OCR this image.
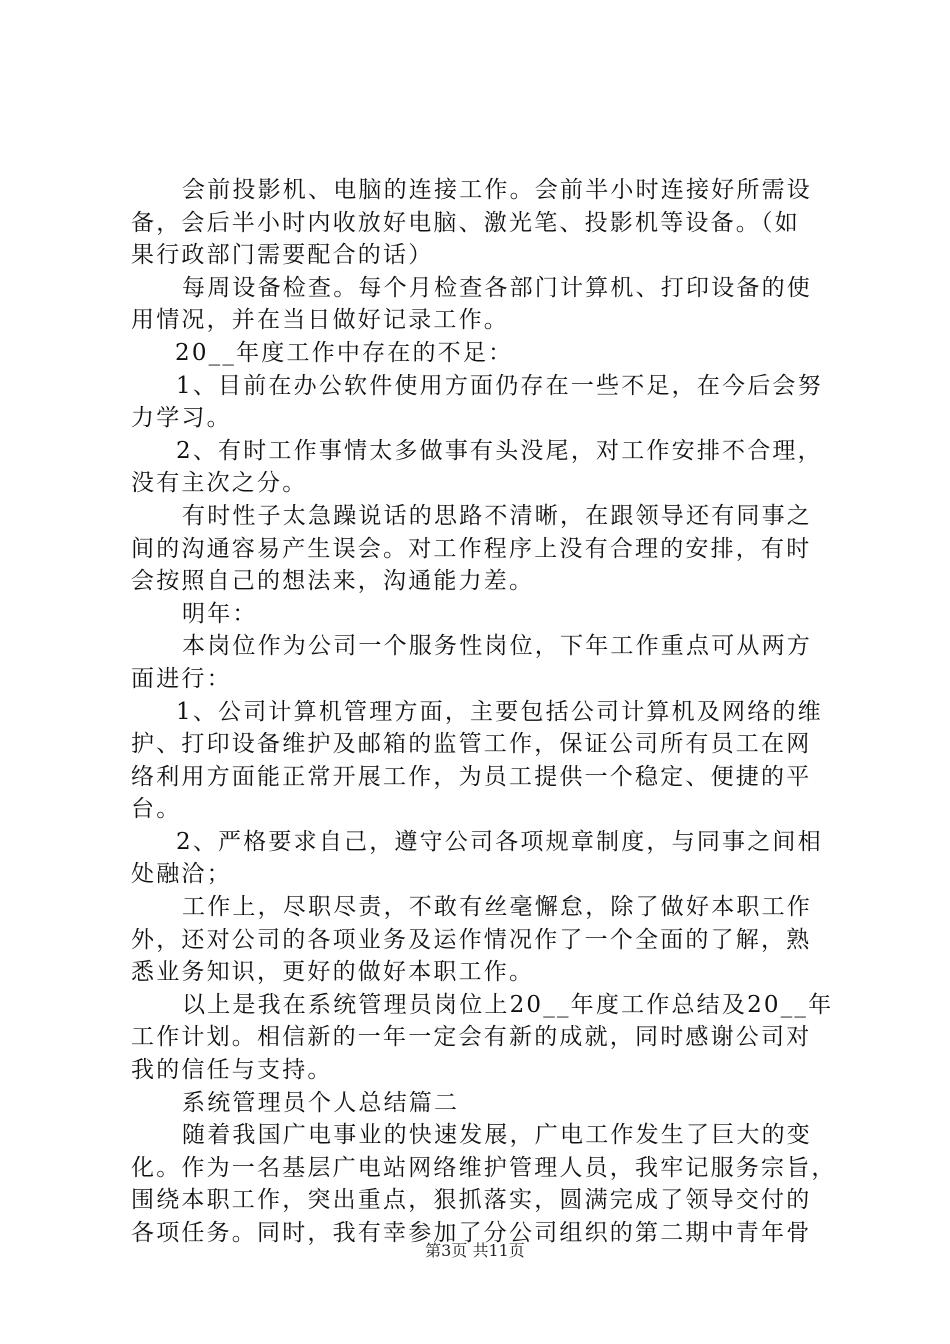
会前投影机、电脑的连接工作。会前半小时连接好所需设
备，会后半小时内收放好电脑、激光笔、投影机等设备。（如
果行政部门需要配合的话）
每周设备检查。每个月检查各部门计算机、打印设备的使
用情况，并在当日做好记录工作。
20__年度工作中存在的不足：
1、目前在办公软件使用方面仍存在一些不足，在今后会努
力学习。
2、有时工作事情太多做事有头没尾，对工作安排不合理，
没有主次之分。
有时性子太急躁说话的思路不清晰，在跟领导还有同事之
间的沟通容易产生误会。对工作程序上没有合理的安排，有时
会按照自己的想法来，沟通能力差。
明年：
本岗位作为公司一个服务性岗位，下年工作重点可从两方
面进行：
1、公司计算机管理方面，主要包括公司计算机及网络的维
护、打印设备维护及邮箱的监管工作，保证公司所有员工在网
络利用方面能正常开展工作，为员工提供一个稳定、便捷的平
台。
2、严格要求自己，遵守公司各项规章制度，与同事之间相
处融洽；
工作上，尽职尽责，不敢有丝毫懈怠，除了做好本职工作
外，还对公司的各项业务及运作情况作了一个全面的了解，熟
悉业务知识，更好的做好本职工作。
以上是我在系统管理员岗位上20__年度工作总结及20__年
工作计划。相信新的一年一定会有新的成就，同时感谢公司对
我的信任与支持。
系统管理员个人总结篇二
随着我国广电事业的快速发展，广电工作发生了巨大的变
化。作为一名基层广电站网络维护管理人员，我牢记服务宗旨，
围绕本职工作，突出重点，狠抓落实，圆满完成了领导交付的
各项任务。同时，我有幸参加了分公司组织的第二期中青年骨
第3页 共11页
